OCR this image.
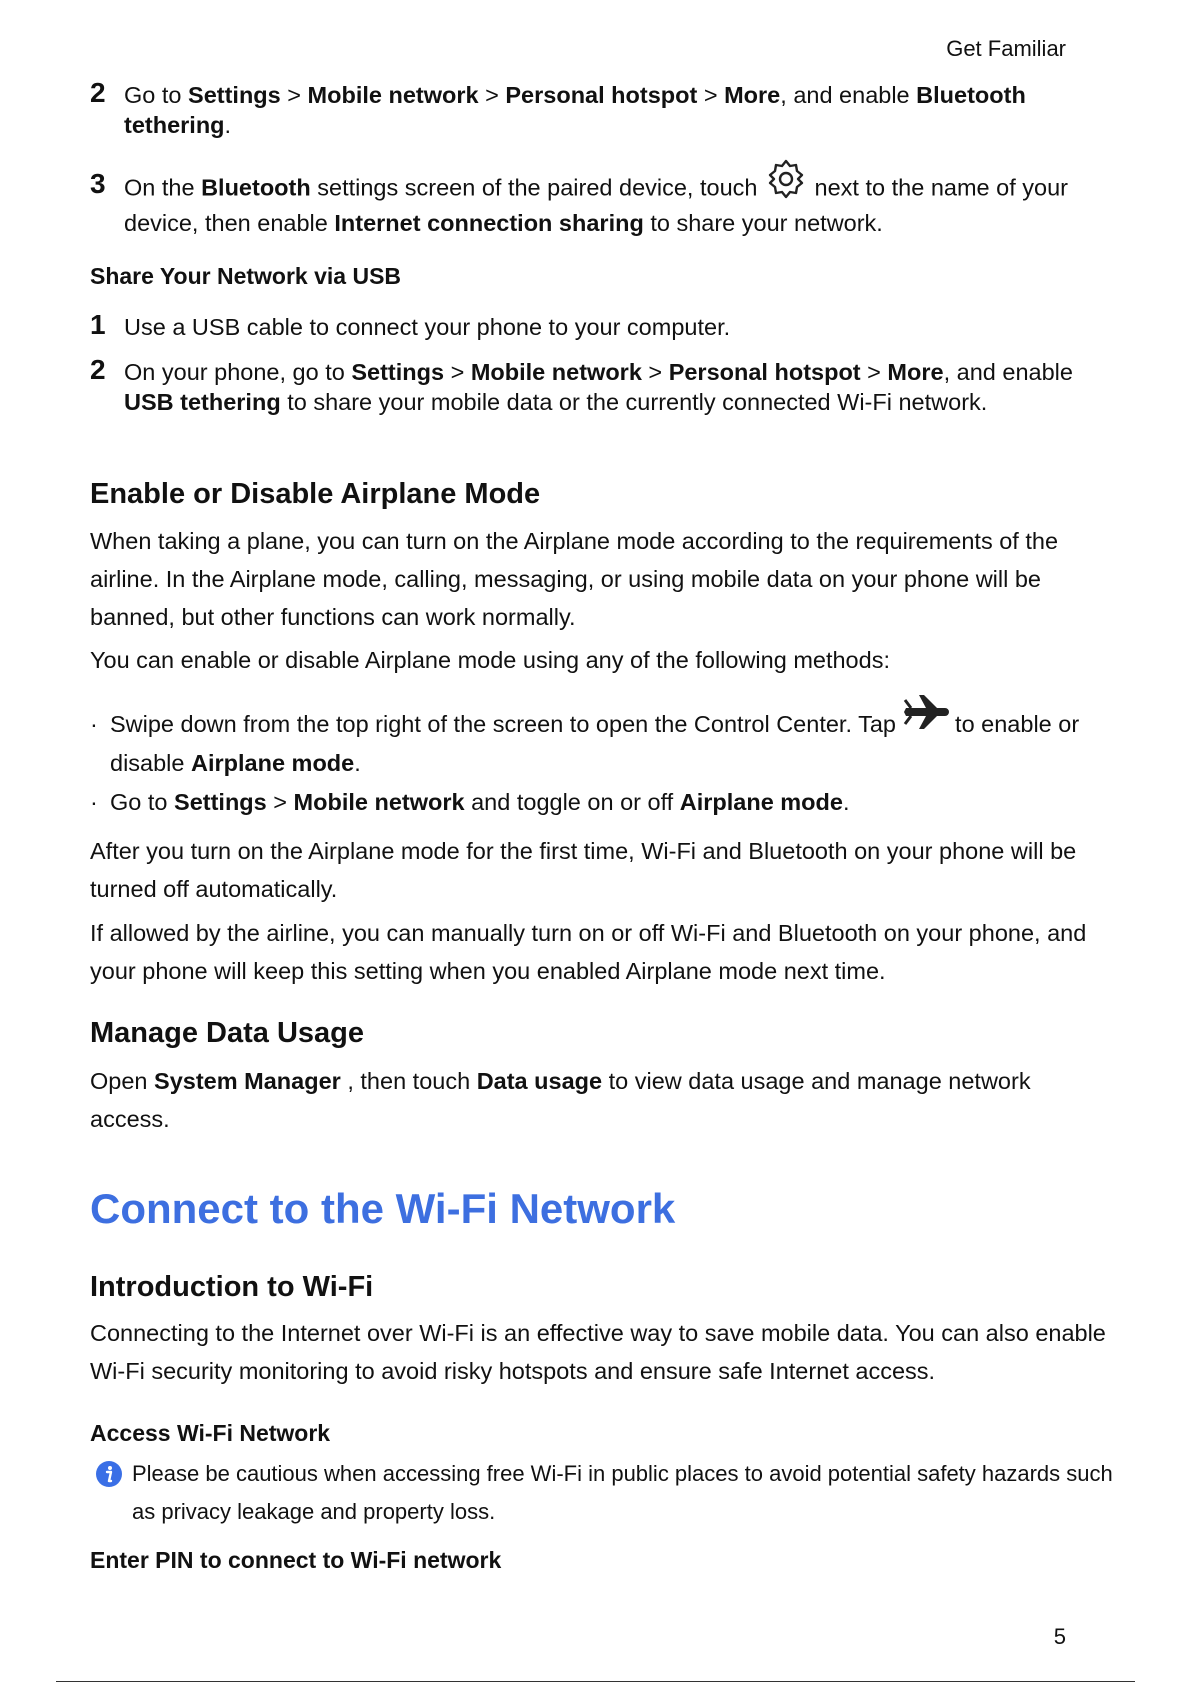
Get Familiar
2 Go to Settings > Mobile network > Personal hotspot > More, and enable Bluetooth tethering.
3 On the Bluetooth settings screen of the paired device, touch  next to the name of your device, then enable Internet connection sharing to share your network.
Share Your Network via USB
1 Use a USB cable to connect your phone to your computer.
2 On your phone, go to Settings > Mobile network > Personal hotspot > More, and enable USB tethering to share your mobile data or the currently connected Wi-Fi network.
Enable or Disable Airplane Mode
When taking a plane, you can turn on the Airplane mode according to the requirements of the airline. In the Airplane mode, calling, messaging, or using mobile data on your phone will be banned, but other functions can work normally.
You can enable or disable Airplane mode using any of the following methods:
· Swipe down from the top right of the screen to open the Control Center. Tap  to enable or disable Airplane mode.
· Go to Settings > Mobile network and toggle on or off Airplane mode.
After you turn on the Airplane mode for the first time, Wi-Fi and Bluetooth on your phone will be turned off automatically.
If allowed by the airline, you can manually turn on or off Wi-Fi and Bluetooth on your phone, and your phone will keep this setting when you enabled Airplane mode next time.
Manage Data Usage
Open System Manager , then touch Data usage to view data usage and manage network access.
Connect to the Wi-Fi Network
Introduction to Wi-Fi
Connecting to the Internet over Wi-Fi is an effective way to save mobile data. You can also enable Wi-Fi security monitoring to avoid risky hotspots and ensure safe Internet access.
Access Wi-Fi Network
Please be cautious when accessing free Wi-Fi in public places to avoid potential safety hazards such as privacy leakage and property loss.
Enter PIN to connect to Wi-Fi network
5
